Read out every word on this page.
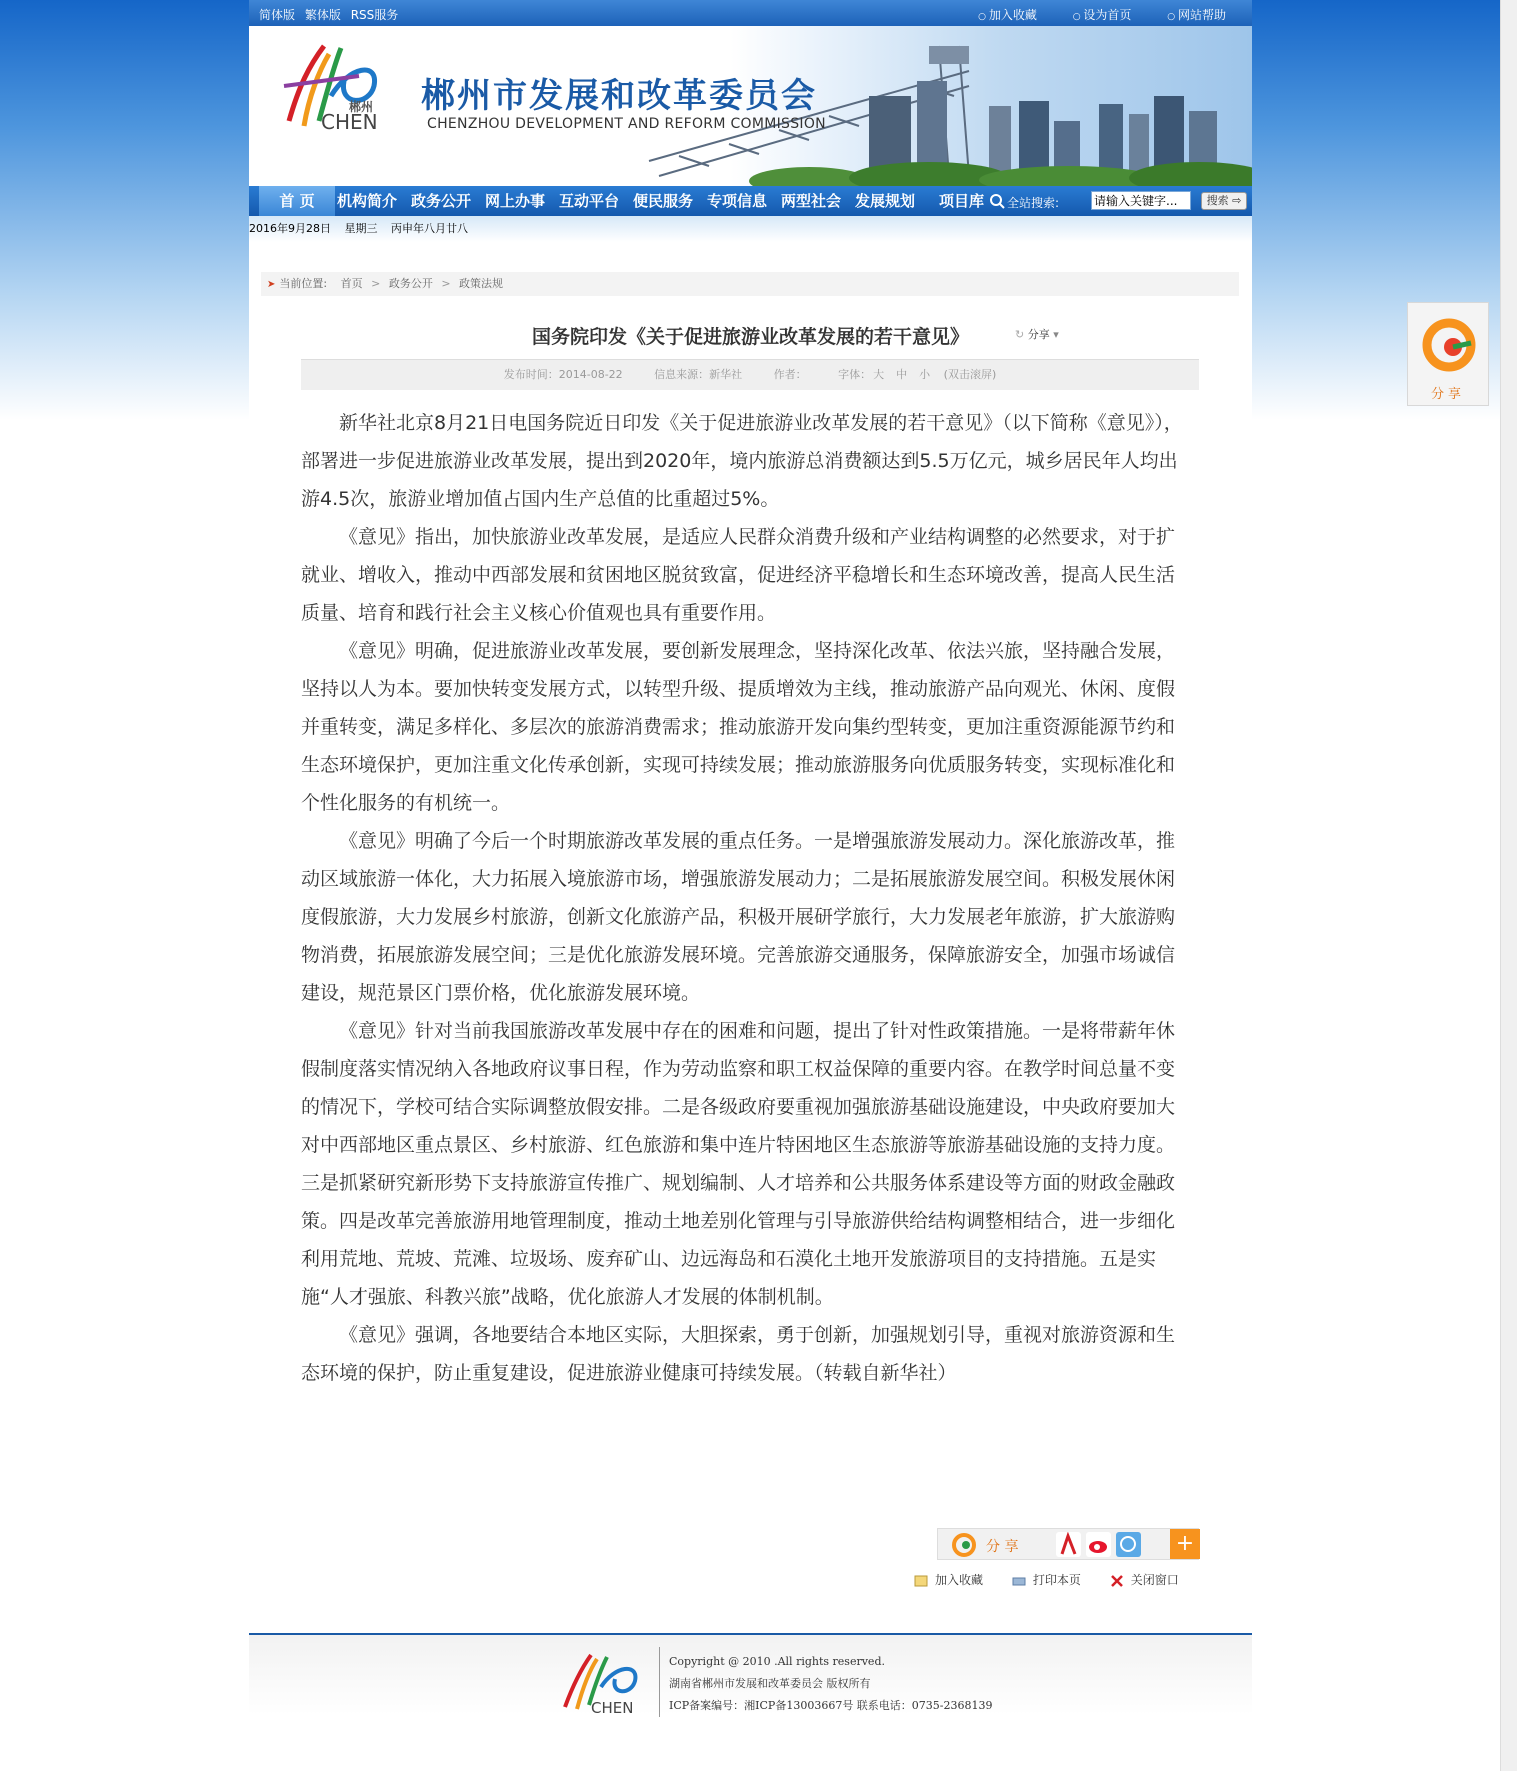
简体版 繁体版 RSS服务	○ 加入收藏	○ 设为首页	○ 网站帮助
郴州市发展和改革委员会
CHENZHOU DEVELOPMENT AND REFORM COMMISSION
郴州
CHEN
首 页	机构简介 政务公开 网上办事 互动平台 便民服务 专项信息 两型社会 发展规划 项目库 全站搜索:
请输入关键字...	搜索 ⇨
2016年9月28日 星期三 丙申年八月廿八
➤ 当前位置: 首页 > 政务公开 > 政策法规
国务院印发《关于促进旅游业改革发展的若干意见》	↻ 分享 ▾
发布时间：2014-08-22	信息来源：新华社	作者：	字体： 大 中 小 (双击滚屏)

新华社北京8月21日电国务院近日印发《关于促进旅游业改革发展的若干意见》（以下简称《意见》），部署进一步促进旅游业改革发展，提出到2020年，境内旅游总消费额达到5.5万亿元，城乡居民年人均出游4.5次，旅游业增加值占国内生产总值的比重超过5%。

《意见》指出，加快旅游业改革发展，是适应人民群众消费升级和产业结构调整的必然要求，对于扩就业、增收入，推动中西部发展和贫困地区脱贫致富，促进经济平稳增长和生态环境改善，提高人民生活质量、培育和践行社会主义核心价值观也具有重要作用。

《意见》明确，促进旅游业改革发展，要创新发展理念，坚持深化改革、依法兴旅，坚持融合发展，坚持以人为本。要加快转变发展方式，以转型升级、提质增效为主线，推动旅游产品向观光、休闲、度假并重转变，满足多样化、多层次的旅游消费需求；推动旅游开发向集约型转变，更加注重资源能源节约和生态环境保护，更加注重文化传承创新，实现可持续发展；推动旅游服务向优质服务转变，实现标准化和个性化服务的有机统一。

《意见》明确了今后一个时期旅游改革发展的重点任务。一是增强旅游发展动力。深化旅游改革，推动区域旅游一体化，大力拓展入境旅游市场，增强旅游发展动力；二是拓展旅游发展空间。积极发展休闲度假旅游，大力发展乡村旅游，创新文化旅游产品，积极开展研学旅行，大力发展老年旅游，扩大旅游购物消费，拓展旅游发展空间；三是优化旅游发展环境。完善旅游交通服务，保障旅游安全，加强市场诚信建设，规范景区门票价格，优化旅游发展环境。

《意见》针对当前我国旅游改革发展中存在的困难和问题，提出了针对性政策措施。一是将带薪年休假制度落实情况纳入各地政府议事日程，作为劳动监察和职工权益保障的重要内容。在教学时间总量不变的情况下，学校可结合实际调整放假安排。二是各级政府要重视加强旅游基础设施建设，中央政府要加大对中西部地区重点景区、乡村旅游、红色旅游和集中连片特困地区生态旅游等旅游基础设施的支持力度。三是抓紧研究新形势下支持旅游宣传推广、规划编制、人才培养和公共服务体系建设等方面的财政金融政策。四是改革完善旅游用地管理制度，推动土地差别化管理与引导旅游供给结构调整相结合，进一步细化利用荒地、荒坡、荒滩、垃圾场、废弃矿山、边远海岛和石漠化土地开发旅游项目的支持措施。五是实施“人才强旅、科教兴旅”战略，优化旅游人才发展的体制机制。

《意见》强调，各地要结合本地区实际，大胆探索，勇于创新，加强规划引导，重视对旅游资源和生态环境的保护，防止重复建设，促进旅游业健康可持续发展。（转载自新华社）

分 享	+
加入收藏	打印本页	关闭窗口
CHEN
Copyright @ 2010 .All rights reserved.
湖南省郴州市发展和改革委员会 版权所有
ICP备案编号：湘ICP备13003667号 联系电话：0735-2368139
分享
